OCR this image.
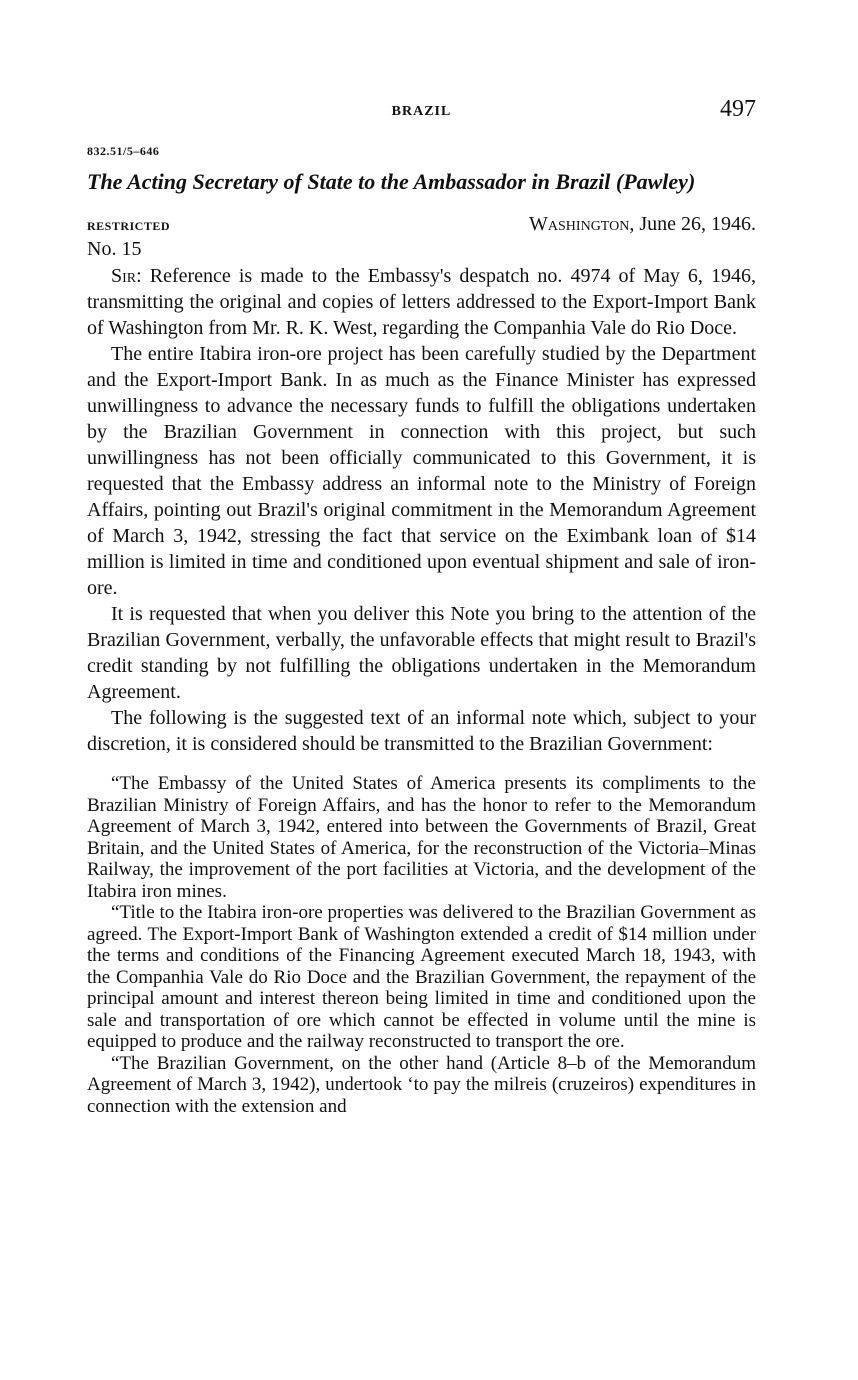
BRAZIL	497
832.51/5–646
The Acting Secretary of State to the Ambassador in Brazil (Pawley)
RESTRICTED	Washington, June 26, 1946.
No. 15

Sir: Reference is made to the Embassy's despatch no. 4974 of May 6, 1946, transmitting the original and copies of letters addressed to the Export-Import Bank of Washington from Mr. R. K. West, regarding the Companhia Vale do Rio Doce.

The entire Itabira iron-ore project has been carefully studied by the Department and the Export-Import Bank. In as much as the Finance Minister has expressed unwillingness to advance the necessary funds to fulfill the obligations undertaken by the Brazilian Government in connection with this project, but such unwillingness has not been officially communicated to this Government, it is requested that the Embassy address an informal note to the Ministry of Foreign Affairs, pointing out Brazil's original commitment in the Memorandum Agreement of March 3, 1942, stressing the fact that service on the Eximbank loan of $14 million is limited in time and conditioned upon eventual shipment and sale of iron-ore.

It is requested that when you deliver this Note you bring to the attention of the Brazilian Government, verbally, the unfavorable effects that might result to Brazil's credit standing by not fulfilling the obligations undertaken in the Memorandum Agreement.

The following is the suggested text of an informal note which, subject to your discretion, it is considered should be transmitted to the Brazilian Government:

“The Embassy of the United States of America presents its compliments to the Brazilian Ministry of Foreign Affairs, and has the honor to refer to the Memorandum Agreement of March 3, 1942, entered into between the Governments of Brazil, Great Britain, and the United States of America, for the reconstruction of the Victoria–Minas Railway, the improvement of the port facilities at Victoria, and the development of the Itabira iron mines.

“Title to the Itabira iron-ore properties was delivered to the Brazilian Government as agreed. The Export-Import Bank of Washington extended a credit of $14 million under the terms and conditions of the Financing Agreement executed March 18, 1943, with the Companhia Vale do Rio Doce and the Brazilian Government, the repayment of the principal amount and interest thereon being limited in time and conditioned upon the sale and transportation of ore which cannot be effected in volume until the mine is equipped to produce and the railway reconstructed to transport the ore.

“The Brazilian Government, on the other hand (Article 8–b of the Memorandum Agreement of March 3, 1942), undertook ‘to pay the milreis (cruzeiros) expenditures in connection with the extension and
